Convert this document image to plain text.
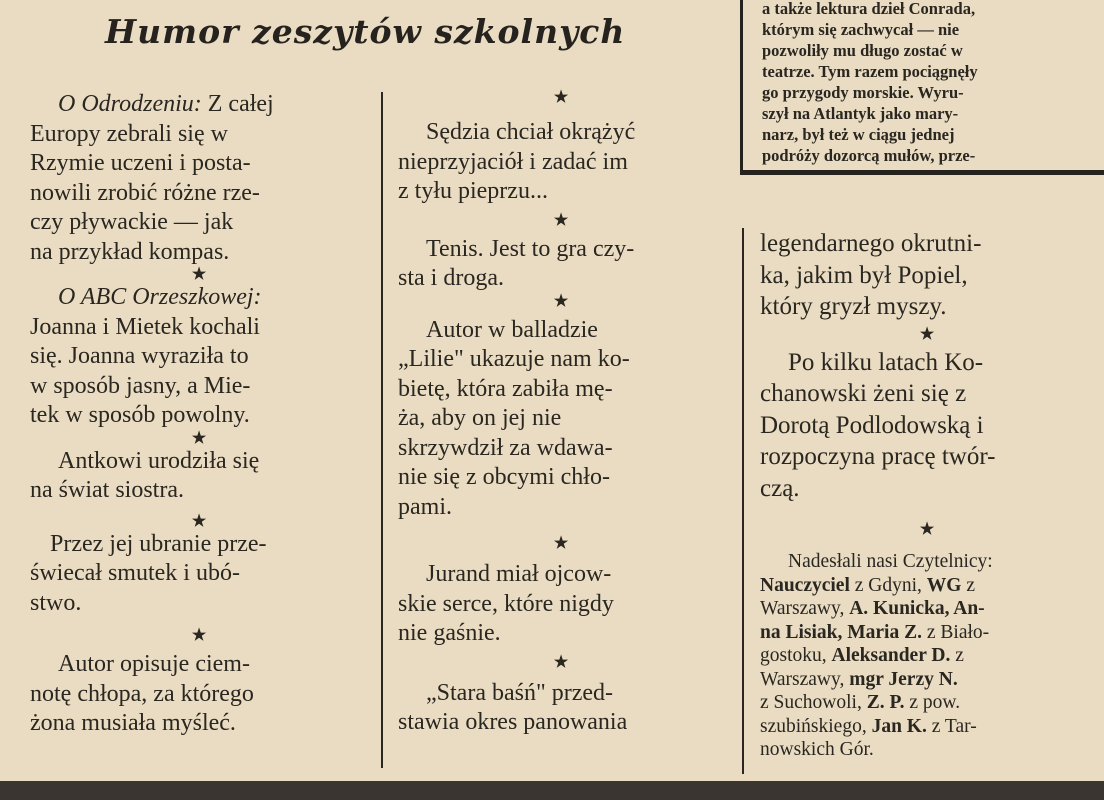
Humor zeszytów szkolnych
a także lektura dzieł Conrada,
którym się zachwycał — nie
pozwoliły mu długo zostać w
teatrze. Tym razem pociągnęły
go przygody morskie. Wyru-
szył na Atlantyk jako mary-
narz, był też w ciągu jednej
podróży dozorcą mułów, prze-
O Odrodzeniu: Z całej
Europy zebrali się w
Rzymie uczeni i posta-
nowili zrobić różne rze-
czy pływackie — jak
na przykład kompas.
★
O ABC Orzeszkowej:
Joanna i Mietek kochali
się. Joanna wyraziła to
w sposób jasny, a Mie-
tek w sposób powolny.
★
Antkowi urodziła się
na świat siostra.
★
Przez jej ubranie prze-
świecał smutek i ubó-
stwo.
★
Autor opisuje ciem-
notę chłopa, za którego
żona musiała myśleć.
★
Sędzia chciał okrążyć
nieprzyjaciół i zadać im
z tyłu pieprzu...
★
Tenis. Jest to gra czy-
sta i droga.
★
Autor w balladzie
„Lilie" ukazuje nam ko-
bietę, która zabiła mę-
ża, aby on jej nie
skrzywdził za wdawa-
nie się z obcymi chło-
pami.
★
Jurand miał ojcow-
skie serce, które nigdy
nie gaśnie.
★
„Stara baśń" przed-
stawia okres panowania
legendarnego okrutni-
ka, jakim był Popiel,
który gryzł myszy.
★
Po kilku latach Ko-
chanowski żeni się z
Dorotą Podlodowską i
rozpoczyna pracę twór-
czą.
★
Nadesłali nasi Czytelnicy:
Nauczyciel z Gdyni, WG z
Warszawy, A. Kunicka, An-
na Lisiak, Maria Z. z Biało-
gostoku, Aleksander D. z
Warszawy, mgr Jerzy N.
z Suchowoli, Z. P. z pow.
szubińskiego, Jan K. z Tar-
nowskich Gór.
